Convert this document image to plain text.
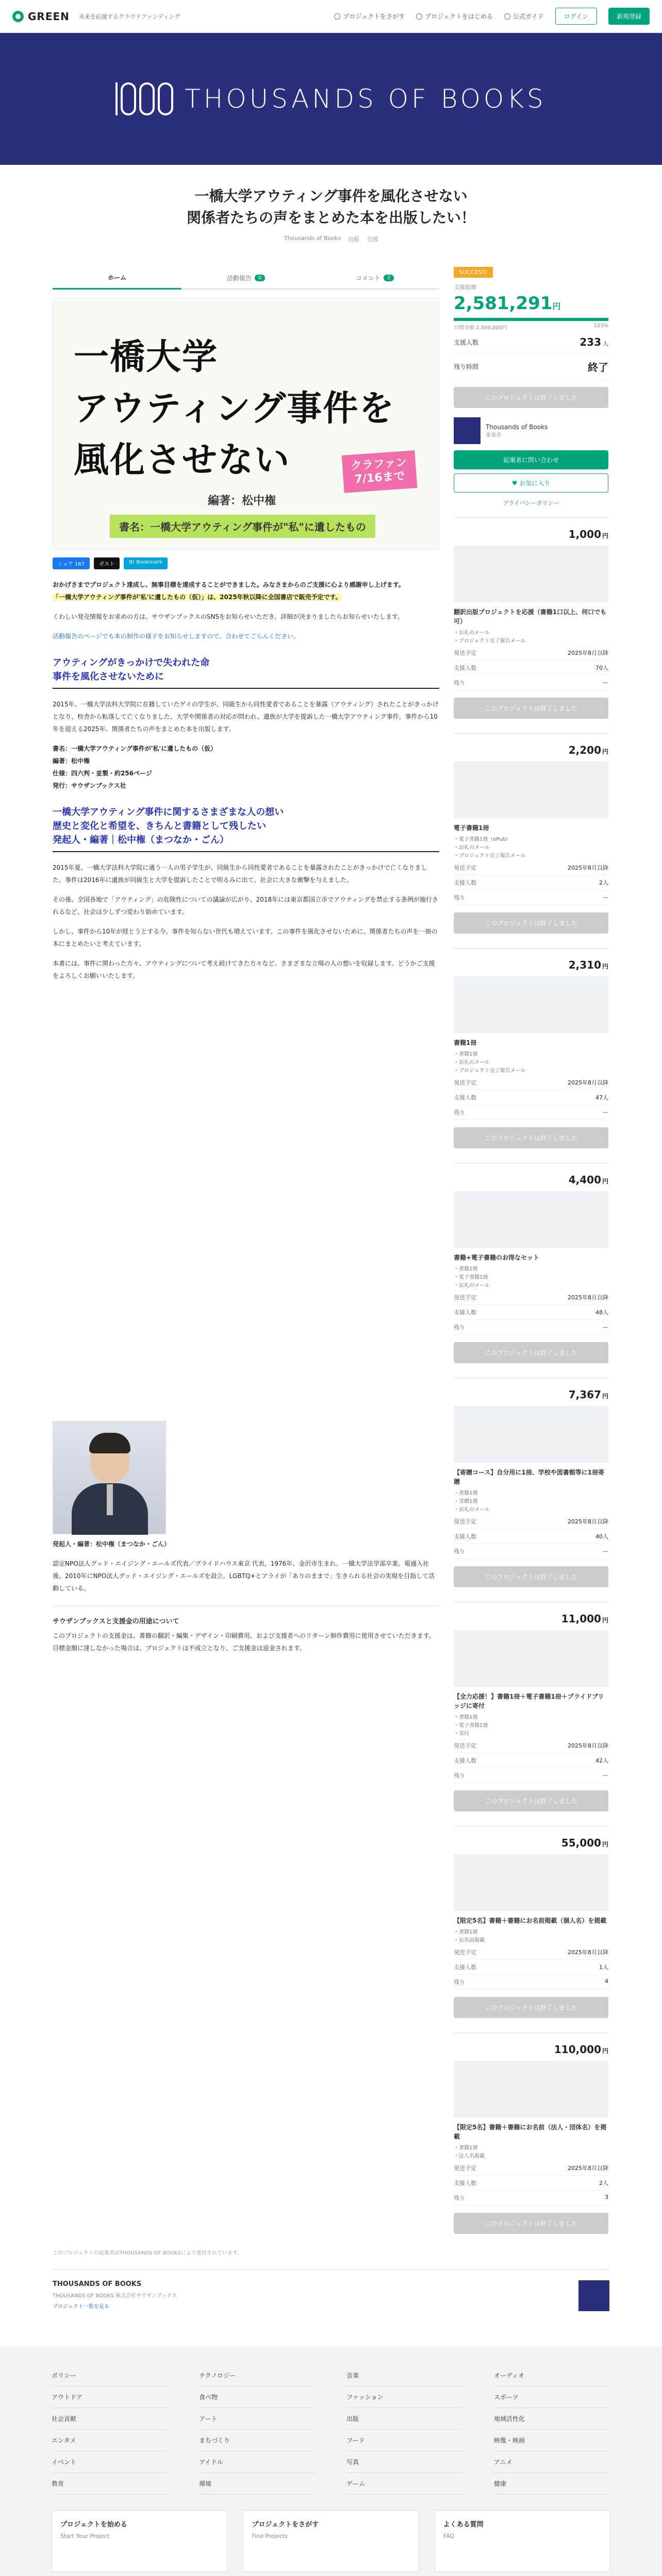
GREEN 未来を応援するクラウドファンディング	プロジェクトをさがす	プロジェクトをはじめる	公式ガイド	ログイン	新規登録
THOUSANDS OF BOOKS
一橋大学アウティング事件を風化させない
関係者たちの声をまとめた本を出版したい！
Thousands of Books 出版 全国
ホーム	活動報告	0	コメント	2
一橋大学
アウティング事件を
風化させない	クラファン
7/16まで
編著：松中権
書名：一橋大学アウティング事件が"私"に遺したもの
シェア 167	ポスト	B! Bookmark

おかげさまでプロジェクト達成し、無事目標を達成することができました。みなさまからのご支援に心より感謝申し上げます。
「一橋大学アウティング事件が'私'に遺したもの（仮）」は、2025年秋以降に全国書店で販売予定です。

くわしい発売情報をお求めの方は、サウザンブックスのSNSをお知らせいただき、詳細が決まりましたらお知らせいたします。

活動報告のページでも本の制作の様子をお知らせしますので、合わせてごらんください。

アウティングがきっかけで失われた命
事件を風化させないために

2015年、一橋大学法科大学院に在籍していたゲイの学生が、同級生から同性愛者であることを暴露（アウティング）されたことがきっかけとなり、校舎から転落して亡くなりました。大学や関係者の対応が問われ、遺族が大学を提訴した一橋大学アウティング事件。事件から10年を迎える2025年、関係者たちの声をまとめた本を出版します。

書名：一橋大学アウティング事件が'私'に遺したもの（仮）
編著：松中権
仕様：四六判・並製・約256ページ
発行：サウザンブックス社

一橋大学アウティング事件に関するさまざまな人の想い
歴史と変化と希望を、きちんと書籍として残したい
発起人・編著｜松中権（まつなか・ごん）

2015年夏、一橋大学法科大学院に通う一人の男子学生が、同級生から同性愛者であることを暴露されたことがきっかけで亡くなりました。事件は2016年に遺族が同級生と大学を提訴したことで明るみに出て、社会に大きな衝撃を与えました。

その後、全国各地で「アウティング」の危険性についての議論が広がり、2018年には東京都国立市でアウティングを禁止する条例が施行されるなど、社会は少しずつ変わり始めています。

しかし、事件から10年が経とうとする今、事件を知らない世代も増えています。この事件を風化させないために、関係者たちの声を一冊の本にまとめたいと考えています。

本書には、事件に関わった方々、アウティングについて考え続けてきた方々など、さまざまな立場の人の想いを収録します。どうかご支援をよろしくお願いいたします。

発起人・編著：松中権（まつなか・ごん）

認定NPO法人グッド・エイジング・エールズ代表／プライドハウス東京 代表。1976年、金沢市生まれ。一橋大学法学部卒業。電通入社後、2010年にNPO法人グッド・エイジング・エールズを設立。LGBTQ+とアライが「ありのままで」生きられる社会の実現を目指して活動している。

サウザンブックスと支援金の用途について

このプロジェクトの支援金は、書籍の翻訳・編集・デザイン・印刷費用、および支援者へのリターン制作費用に使用させていただきます。目標金額に達しなかった場合は、プロジェクトは不成立となり、ご支援金は返金されます。

SUCCESS!
支援総額
2,581,291円
目標金額 2,500,000円	103%
支援人数	233 人
残り時間	終了
このプロジェクトは終了しました
Thousands of Books
事業者
起案者に問い合わせ
♥ お気に入り
プライバシーポリシー
1,000 円
翻訳出版プロジェクトを応援（書籍1口以上、何口でも可）
・お礼のメール
・プロジェクト完了報告メール
発送予定	2025年8月以降
支援人数	70人
残り	ー
このプロジェクトは終了しました
2,200 円
電子書籍1冊
・電子書籍1冊（ePub）
・お礼のメール
・プロジェクト完了報告メール
発送予定	2025年8月以降
支援人数	2人
残り	ー
このプロジェクトは終了しました
2,310 円
書籍1冊
・書籍1冊
・お礼のメール
・プロジェクト完了報告メール
発送予定	2025年8月以降
支援人数	47人
残り	ー
このプロジェクトは終了しました
4,400 円
書籍+電子書籍のお得なセット
・書籍1冊
・電子書籍1冊
・お礼のメール
発送予定	2025年8月以降
支援人数	48人
残り	ー
このプロジェクトは終了しました
7,367 円
【寄贈コース】自分用に1冊、学校や図書館等に1冊寄贈
・書籍1冊
・寄贈1冊
・お礼のメール
発送予定	2025年8月以降
支援人数	40人
残り	ー
このプロジェクトは終了しました
11,000 円
【全力応援！】書籍1冊＋電子書籍1冊＋プライドブリッジに寄付
・書籍1冊
・電子書籍1冊
・寄付
発送予定	2025年8月以降
支援人数	42人
残り	ー
このプロジェクトは終了しました
55,000 円
【限定5名】書籍＋書籍にお名前掲載（個人名）を掲載
・書籍1冊
・お名前掲載
発送予定	2025年8月以降
支援人数	1人
残り	4
このプロジェクトは終了しました
110,000 円
【限定5名】書籍＋書籍にお名前（法人・団体名）を掲載
・書籍1冊
・法人名掲載
発送予定	2025年8月以降
支援人数	2人
残り	3
このプロジェクトは終了しました
このプロジェクトの起案者はTHOUSANDS OF BOOKSにより運営されています。
THOUSANDS OF BOOKS
THOUSANDS OF BOOKS 株式会社サウザンブックス
プロジェクト一覧を見る
ポリシー	テクノロジー	音楽	オーディオ
アウトドア	食べ物	ファッション	スポーツ
社会貢献	アート	出版	地域活性化
エンタメ	まちづくり	フード	映像・映画
イベント	アイドル	写真	アニメ
教育	環境	ゲーム	健康
プロジェクトを始める
Start Your Project
プロジェクトをさがす
Find Projects
よくある質問
FAQ
